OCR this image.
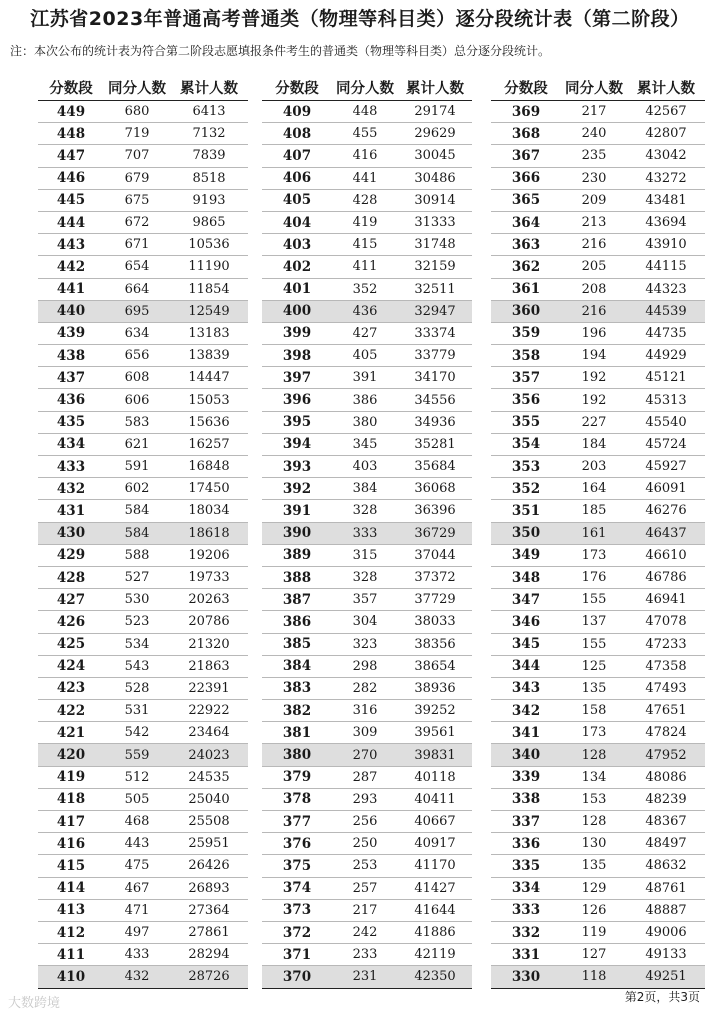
江苏省2023年普通高考普通类（物理等科目类）逐分段统计表（第二阶段）
注：本次公布的统计表为符合第二阶段志愿填报条件考生的普通类（物理等科目类）总分逐分段统计。
分数段	同分人数	累计人数
449	680	6413
448	719	7132
447	707	7839
446	679	8518
445	675	9193
444	672	9865
443	671	10536
442	654	11190
441	664	11854
440	695	12549
439	634	13183
438	656	13839
437	608	14447
436	606	15053
435	583	15636
434	621	16257
433	591	16848
432	602	17450
431	584	18034
430	584	18618
429	588	19206
428	527	19733
427	530	20263
426	523	20786
425	534	21320
424	543	21863
423	528	22391
422	531	22922
421	542	23464
420	559	24023
419	512	24535
418	505	25040
417	468	25508
416	443	25951
415	475	26426
414	467	26893
413	471	27364
412	497	27861
411	433	28294
410	432	28726
分数段	同分人数	累计人数
409	448	29174
408	455	29629
407	416	30045
406	441	30486
405	428	30914
404	419	31333
403	415	31748
402	411	32159
401	352	32511
400	436	32947
399	427	33374
398	405	33779
397	391	34170
396	386	34556
395	380	34936
394	345	35281
393	403	35684
392	384	36068
391	328	36396
390	333	36729
389	315	37044
388	328	37372
387	357	37729
386	304	38033
385	323	38356
384	298	38654
383	282	38936
382	316	39252
381	309	39561
380	270	39831
379	287	40118
378	293	40411
377	256	40667
376	250	40917
375	253	41170
374	257	41427
373	217	41644
372	242	41886
371	233	42119
370	231	42350
分数段	同分人数	累计人数
369	217	42567
368	240	42807
367	235	43042
366	230	43272
365	209	43481
364	213	43694
363	216	43910
362	205	44115
361	208	44323
360	216	44539
359	196	44735
358	194	44929
357	192	45121
356	192	45313
355	227	45540
354	184	45724
353	203	45927
352	164	46091
351	185	46276
350	161	46437
349	173	46610
348	176	46786
347	155	46941
346	137	47078
345	155	47233
344	125	47358
343	135	47493
342	158	47651
341	173	47824
340	128	47952
339	134	48086
338	153	48239
337	128	48367
336	130	48497
335	135	48632
334	129	48761
333	126	48887
332	119	49006
331	127	49133
330	118	49251
大数跨境	第2页，共3页
